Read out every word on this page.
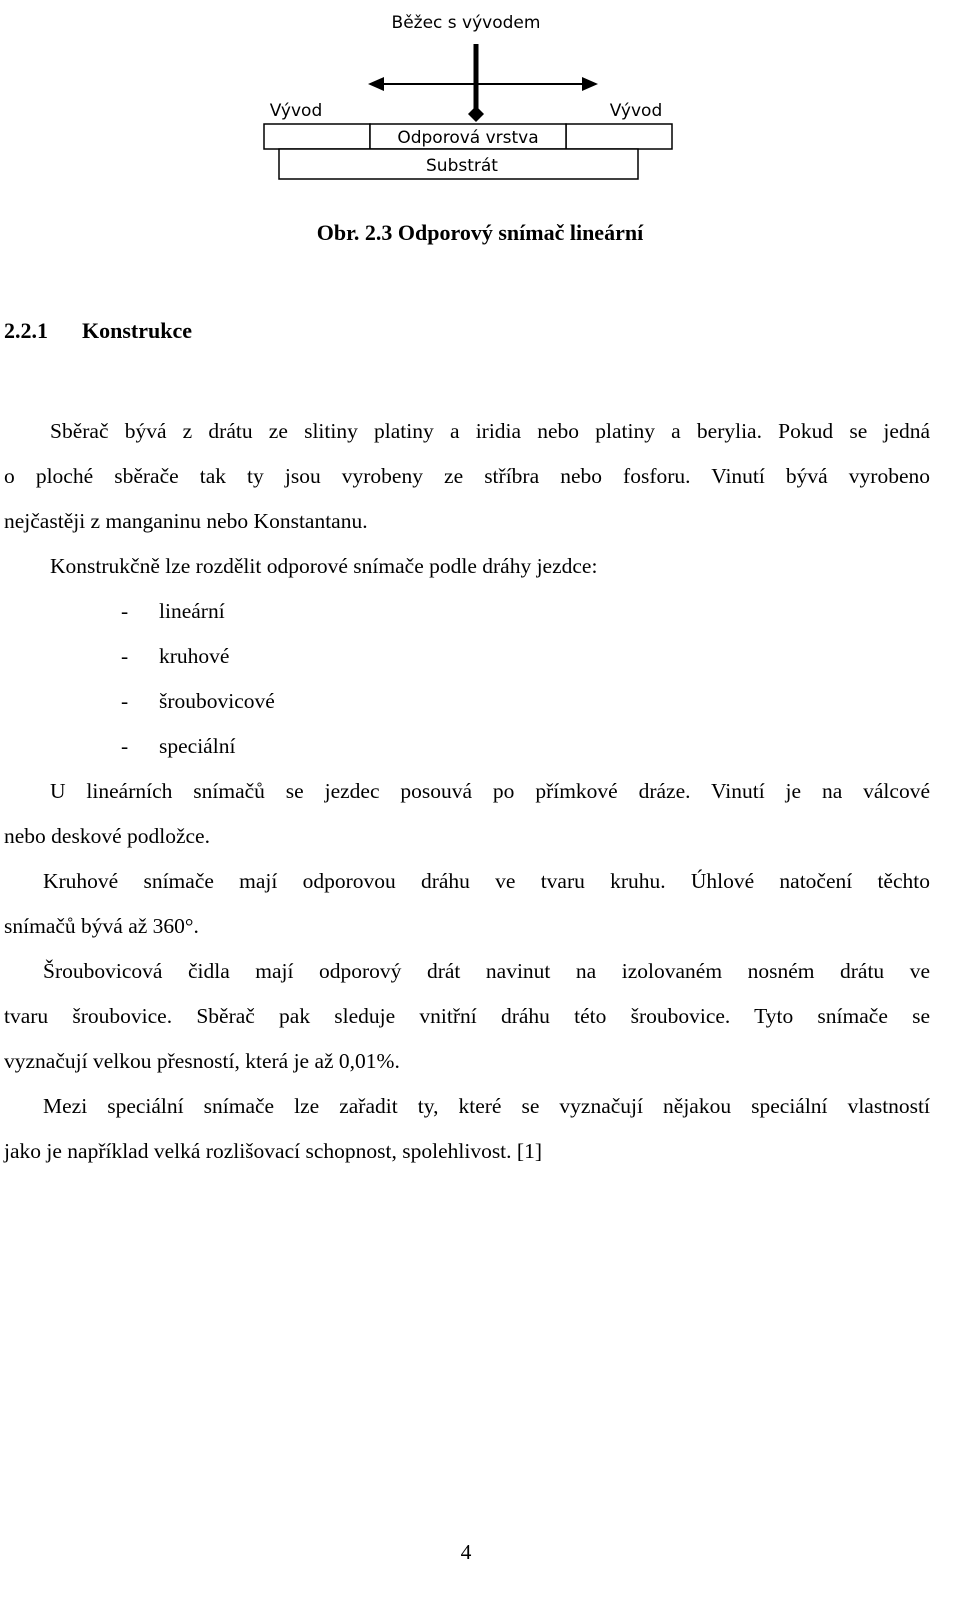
Běžec s vývodem
Vývod	Vývod
Odporová vrstva
Substrát
Obr. 2.3 Odporový snímač lineární
2.2.1 Konstrukce
Sběrač bývá z drátu ze slitiny platiny a iridia nebo platiny a berylia. Pokud se jedná
o ploché sběrače tak ty jsou vyrobeny ze stříbra nebo fosforu. Vinutí bývá vyrobeno
nejčastěji z manganinu nebo Konstantanu.
Konstrukčně lze rozdělit odporové snímače podle dráhy jezdce:
- lineární
- kruhové
- šroubovicové
- speciální
U lineárních snímačů se jezdec posouvá po přímkové dráze. Vinutí je na válcové
nebo deskové podložce.
Kruhové snímače mají odporovou dráhu ve tvaru kruhu. Úhlové natočení těchto
snímačů bývá až 360°.
Šroubovicová čidla mají odporový drát navinut na izolovaném nosném drátu ve
tvaru šroubovice. Sběrač pak sleduje vnitřní dráhu této šroubovice. Tyto snímače se
vyznačují velkou přesností, která je až 0,01%.
Mezi speciální snímače lze zařadit ty, které se vyznačují nějakou speciální vlastností
jako je například velká rozlišovací schopnost, spolehlivost. [1]
4
